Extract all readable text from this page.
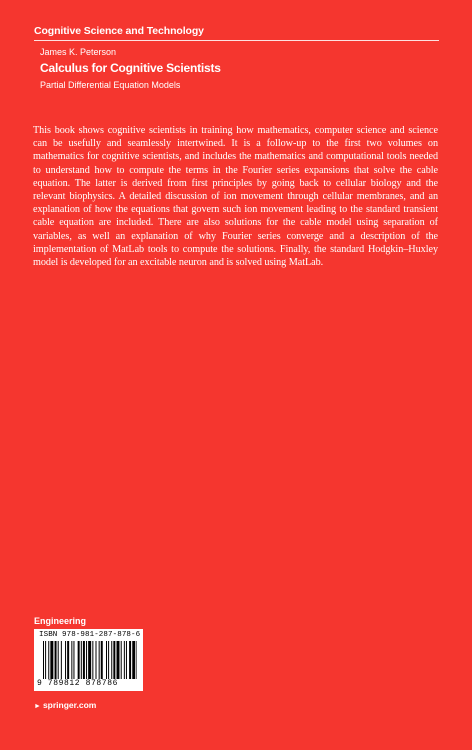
Cognitive Science and Technology
James K. Peterson
Calculus for Cognitive Scientists
Partial Differential Equation Models
This book shows cognitive scientists in training how mathematics, computer science and science can be usefully and seamlessly intertwined. It is a follow-up to the first two volumes on mathematics for cognitive scientists, and includes the mathematics and computational tools needed to understand how to compute the terms in the Fourier series expansions that solve the cable equation. The latter is derived from first principles by going back to cellular biology and the relevant biophysics. A detailed discussion of ion movement through cellular membranes, and an explanation of how the equations that govern such ion movement leading to the standard transient cable equation are included. There are also solutions for the cable model using separation of variables, as well an explanation of why Fourier series converge and a description of the implementation of MatLab tools to compute the solutions. Finally, the standard Hodgkin–Huxley model is developed for an excitable neuron and is solved using MatLab.
Engineering
ISBN 978-981-287-878-6
9 789812 878786
► springer.com
